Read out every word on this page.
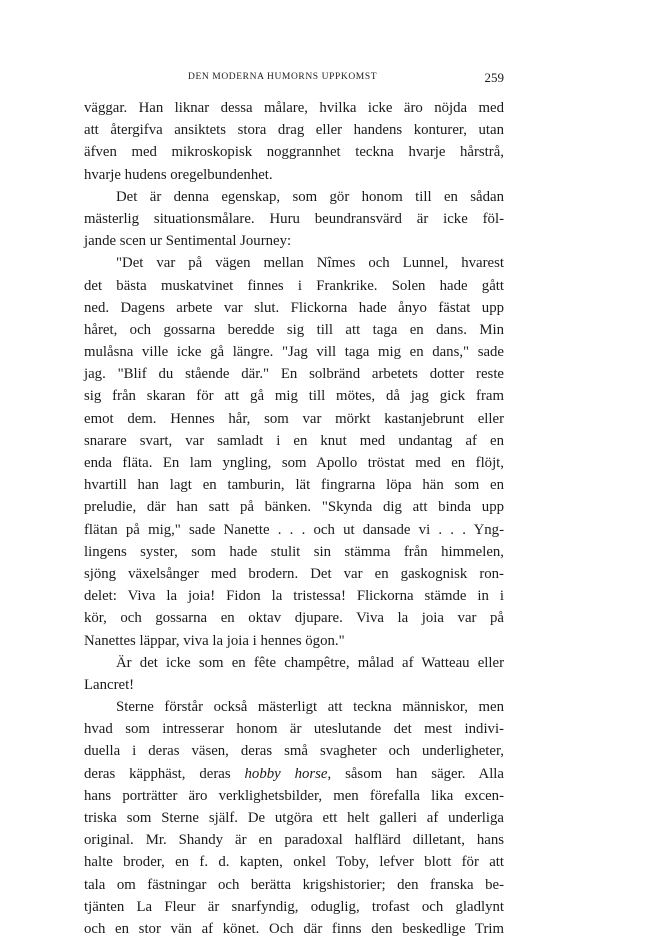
DEN MODERNA HUMORNS UPPKOMST	259
väggar. Han liknar dessa målare, hvilka icke äro nöjda med
att återgifva ansiktets stora drag eller handens konturer, utan
äfven med mikroskopisk noggrannhet teckna hvarje hårstrå,
hvarje hudens oregelbundenhet.
Det är denna egenskap, som gör honom till en sådan
mästerlig situationsmålare. Huru beundransvärd är icke föl-
jande scen ur Sentimental Journey:
"Det var på vägen mellan Nîmes och Lunnel, hvarest
det bästa muskatvinet finnes i Frankrike. Solen hade gått
ned. Dagens arbete var slut. Flickorna hade ånyo fästat upp
håret, och gossarna beredde sig till att taga en dans. Min
mulåsna ville icke gå längre. "Jag vill taga mig en dans," sade
jag. "Blif du stående där." En solbränd arbetets dotter reste
sig från skaran för att gå mig till mötes, då jag gick fram
emot dem. Hennes hår, som var mörkt kastanjebrunt eller
snarare svart, var samladt i en knut med undantag af en
enda fläta. En lam yngling, som Apollo tröstat med en flöjt,
hvartill han lagt en tamburin, lät fingrarna löpa hän som en
preludie, där han satt på bänken. "Skynda dig att binda upp
flätan på mig," sade Nanette . . . och ut dansade vi . . . Yng-
lingens syster, som hade stulit sin stämma från himmelen,
sjöng växelsånger med brodern. Det var en gaskognisk ron-
delet: Viva la joia! Fidon la tristessa! Flickorna stämde in i
kör, och gossarna en oktav djupare. Viva la joia var på
Nanettes läppar, viva la joia i hennes ögon."
Är det icke som en fête champêtre, målad af Watteau eller
Lancret!
Sterne förstår också mästerligt att teckna människor, men
hvad som intresserar honom är uteslutande det mest indivi-
duella i deras väsen, deras små svagheter och underligheter,
deras käpphäst, deras hobby horse, såsom han säger. Alla
hans porträtter äro verklighetsbilder, men förefalla lika excen-
triska som Sterne själf. De utgöra ett helt galleri af underliga
original. Mr. Shandy är en paradoxal halflärd dilletant, hans
halte broder, en f. d. kapten, onkel Toby, lefver blott för att
tala om fästningar och berätta krigshistorier; den franska be-
tjänten La Fleur är snarfyndig, oduglig, trofast och gladlynt
och en stor vän af könet. Och där finns den beskedlige Trim
